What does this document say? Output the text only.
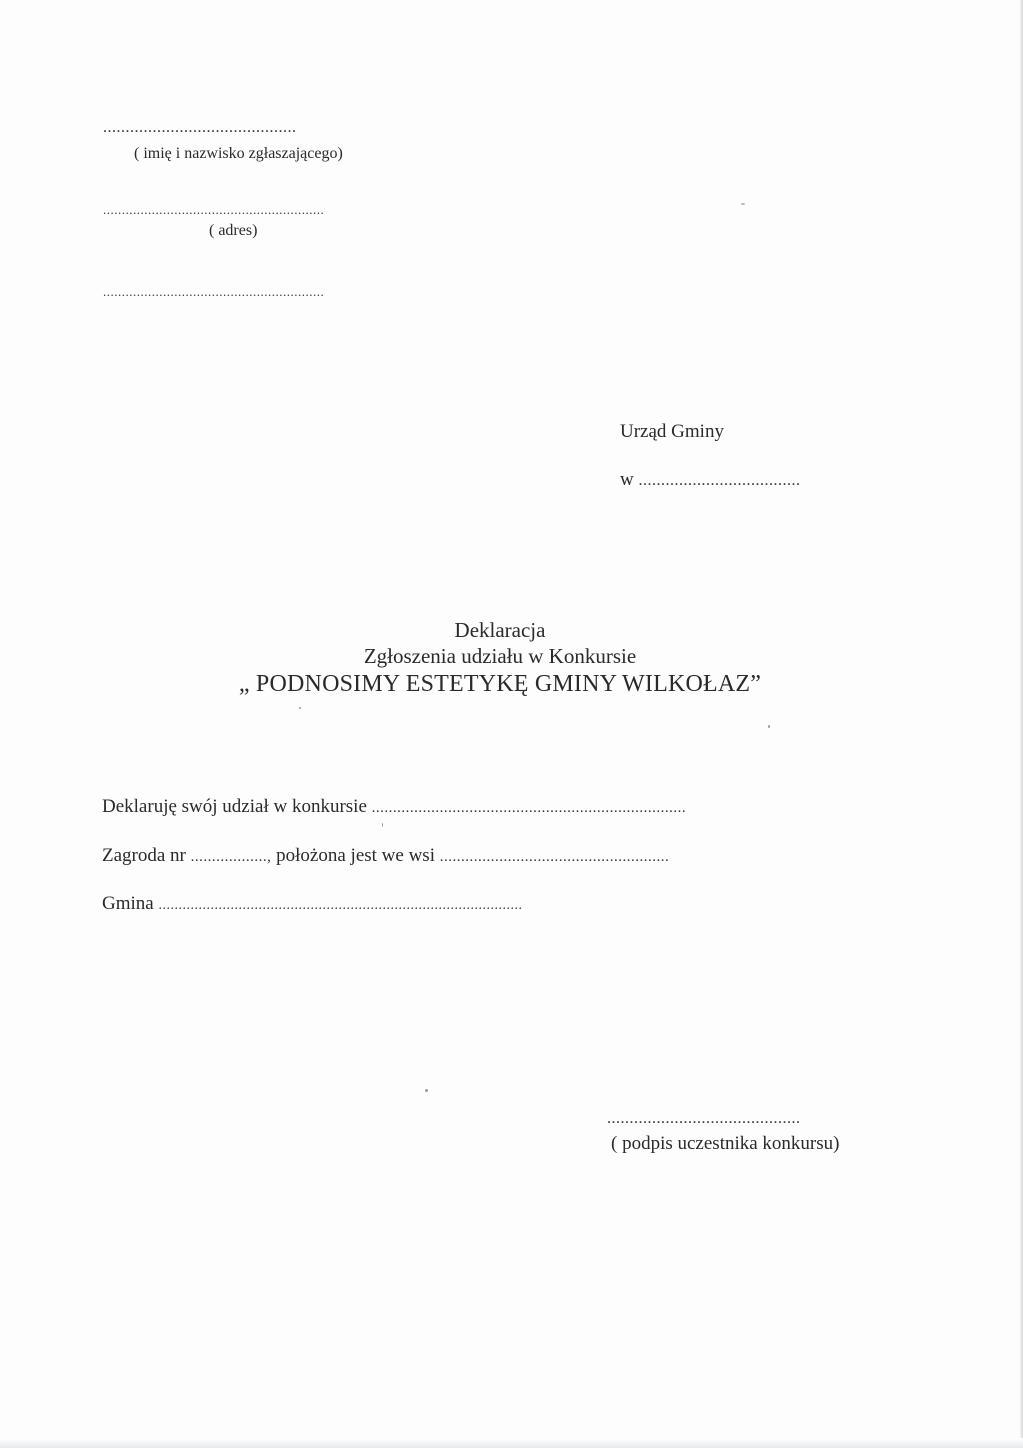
...........................................
( imię i nazwisko zgłaszającego)
...........................................................
( adres)
...........................................................
Urząd Gminy
w ....................................
Deklaracja
Zgłoszenia udziału w Konkursie
„ PODNOSIMY ESTETYKĘ GMINY WILKOŁAZ”
Deklaruję swój udział w konkursie ..........................................................................
Zagroda nr .................., położona jest we wsi ......................................................
Gmina ...........................................................................................
...........................................
( podpis uczestnika konkursu)
